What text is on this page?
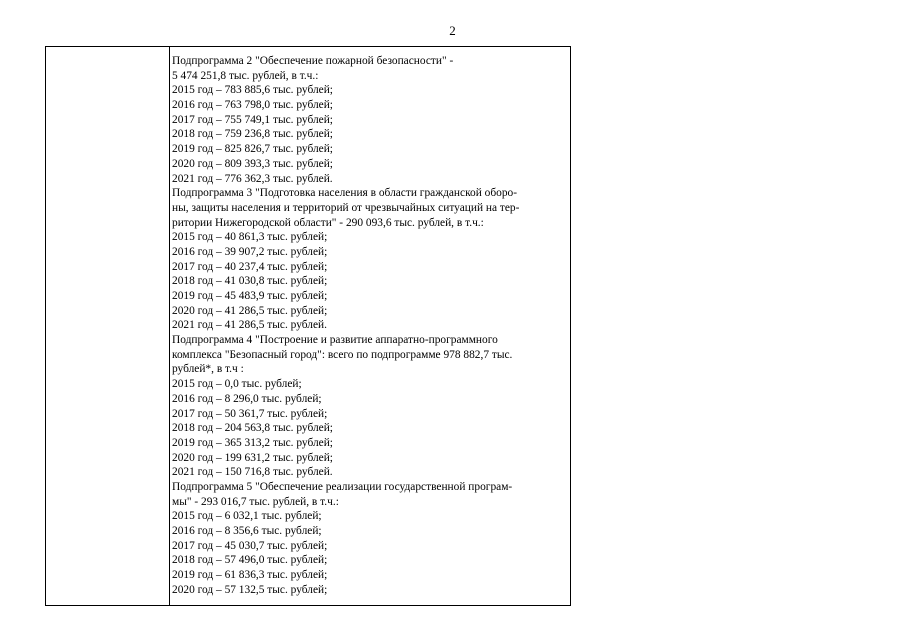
2
Подпрограмма 2 "Обеспечение пожарной безопасности" -
5 474 251,8 тыс. рублей, в т.ч.:
2015 год – 783 885,6 тыс. рублей;
2016 год – 763 798,0 тыс. рублей;
2017 год – 755 749,1 тыс. рублей;
2018 год – 759 236,8 тыс. рублей;
2019 год – 825 826,7 тыс. рублей;
2020 год – 809 393,3 тыс. рублей;
2021 год – 776 362,3 тыс. рублей.
Подпрограмма 3 "Подготовка населения в области гражданской оборо-
ны, защиты населения и территорий от чрезвычайных ситуаций на тер-
ритории Нижегородской области" - 290 093,6 тыс. рублей, в т.ч.:
2015 год – 40 861,3 тыс. рублей;
2016 год – 39 907,2 тыс. рублей;
2017 год – 40 237,4 тыс. рублей;
2018 год – 41 030,8 тыс. рублей;
2019 год – 45 483,9 тыс. рублей;
2020 год – 41 286,5 тыс. рублей;
2021 год – 41 286,5 тыс. рублей.
Подпрограмма 4 "Построение и развитие аппаратно-программного
комплекса "Безопасный город": всего по подпрограмме 978 882,7 тыс.
рублей*, в т.ч :
2015 год – 0,0 тыс. рублей;
2016 год – 8 296,0 тыс. рублей;
2017 год – 50 361,7 тыс. рублей;
2018 год – 204 563,8 тыс. рублей;
2019 год – 365 313,2 тыс. рублей;
2020 год – 199 631,2 тыс. рублей;
2021 год – 150 716,8 тыс. рублей.
Подпрограмма 5 "Обеспечение реализации государственной програм-
мы" - 293 016,7 тыс. рублей, в т.ч.:
2015 год – 6 032,1 тыс. рублей;
2016 год – 8 356,6 тыс. рублей;
2017 год – 45 030,7 тыс. рублей;
2018 год – 57 496,0 тыс. рублей;
2019 год – 61 836,3 тыс. рублей;
2020 год – 57 132,5 тыс. рублей;
